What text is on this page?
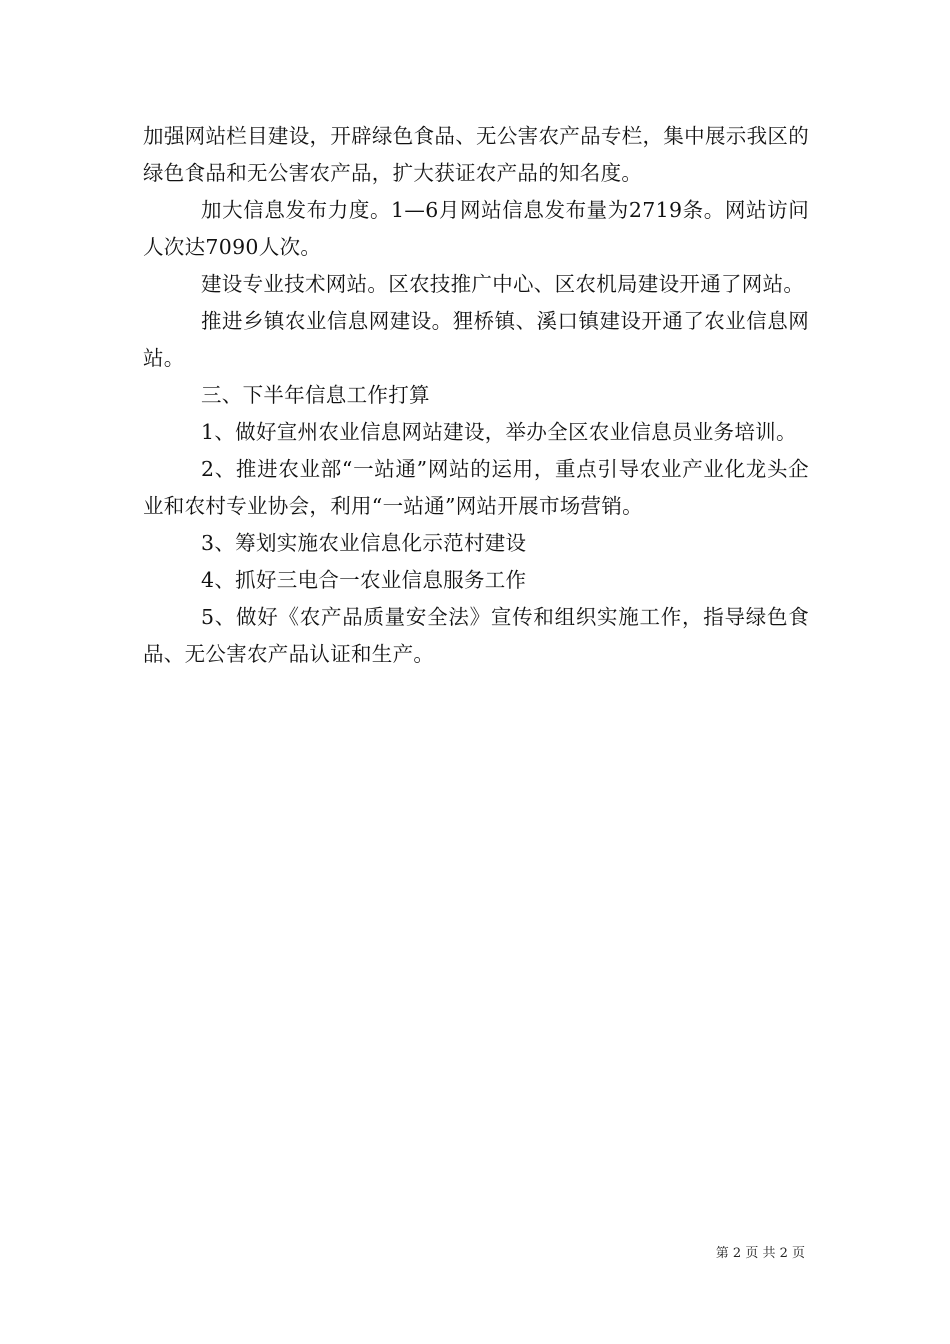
加强网站栏目建设，开辟绿色食品、无公害农产品专栏，集中展示我区的绿色食品和无公害农产品，扩大获证农产品的知名度。

加大信息发布力度。1—6月网站信息发布量为2719条。网站访问人次达7090人次。

建设专业技术网站。区农技推广中心、区农机局建设开通了网站。

推进乡镇农业信息网建设。狸桥镇、溪口镇建设开通了农业信息网站。

三、下半年信息工作打算

1、做好宣州农业信息网站建设，举办全区农业信息员业务培训。

2、推进农业部“一站通”网站的运用，重点引导农业产业化龙头企业和农村专业协会，利用“一站通”网站开展市场营销。

3、筹划实施农业信息化示范村建设

4、抓好三电合一农业信息服务工作

5、做好《农产品质量安全法》宣传和组织实施工作，指导绿色食品、无公害农产品认证和生产。

第 2 页 共 2 页
